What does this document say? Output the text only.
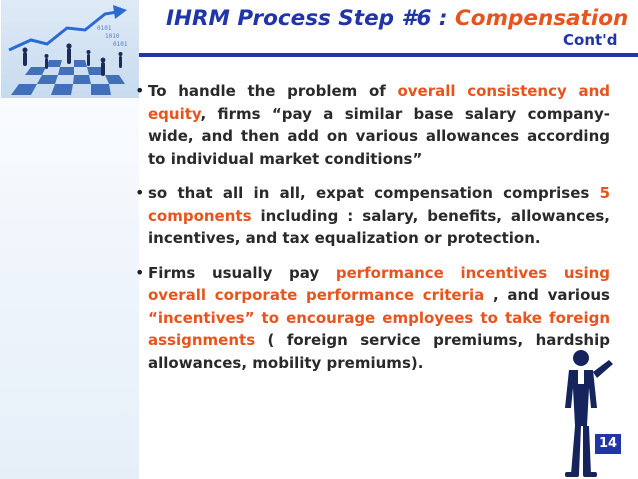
0101
1010
0101
IHRM Process Step #6 : Compensation
Cont'd
• To handle the problem of overall consistency and equity, firms “pay a similar base salary company-wide, and then add on various allowances according to individual market conditions”

• so that all in all, expat compensation comprises 5 components including : salary, benefits, allowances, incentives, and tax equalization or protection.

• Firms usually pay performance incentives using overall corporate performance criteria , and various “incentives” to encourage employees to take foreign assignments ( foreign service premiums, hardship allowances, mobility premiums).

14
